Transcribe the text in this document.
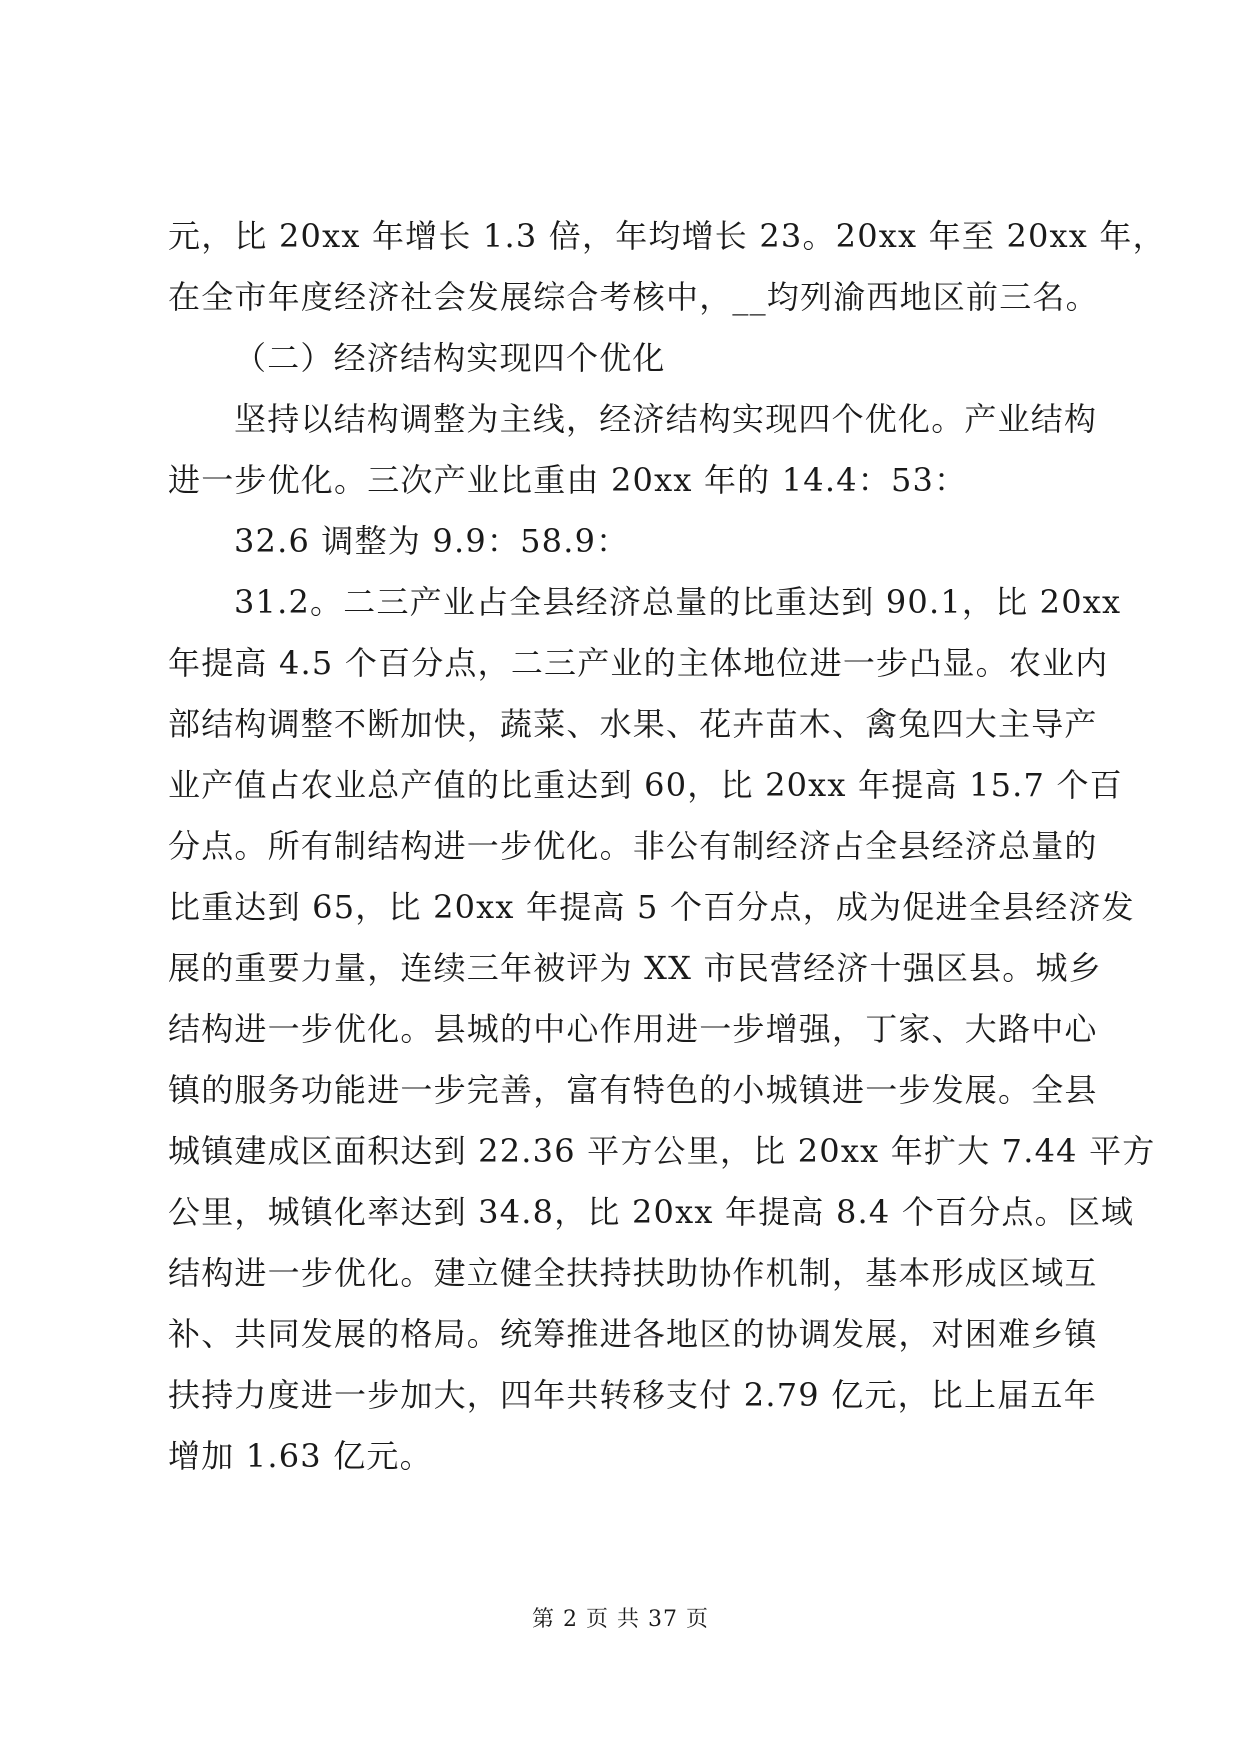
元，比 20xx 年增长 1.3 倍，年均增长 23。20xx 年至 20xx 年，
在全市年度经济社会发展综合考核中，__均列渝西地区前三名。
（二）经济结构实现四个优化
坚持以结构调整为主线，经济结构实现四个优化。产业结构
进一步优化。三次产业比重由 20xx 年的 14.4：53：
32.6 调整为 9.9：58.9：
31.2。二三产业占全县经济总量的比重达到 90.1，比 20xx
年提高 4.5 个百分点，二三产业的主体地位进一步凸显。农业内
部结构调整不断加快，蔬菜、水果、花卉苗木、禽兔四大主导产
业产值占农业总产值的比重达到 60，比 20xx 年提高 15.7 个百
分点。所有制结构进一步优化。非公有制经济占全县经济总量的
比重达到 65，比 20xx 年提高 5 个百分点，成为促进全县经济发
展的重要力量，连续三年被评为 XX 市民营经济十强区县。城乡
结构进一步优化。县城的中心作用进一步增强，丁家、大路中心
镇的服务功能进一步完善，富有特色的小城镇进一步发展。全县
城镇建成区面积达到 22.36 平方公里，比 20xx 年扩大 7.44 平方
公里，城镇化率达到 34.8，比 20xx 年提高 8.4 个百分点。区域
结构进一步优化。建立健全扶持扶助协作机制，基本形成区域互
补、共同发展的格局。统筹推进各地区的协调发展，对困难乡镇
扶持力度进一步加大，四年共转移支付 2.79 亿元，比上届五年
增加 1.63 亿元。
第 2 页 共 37 页
